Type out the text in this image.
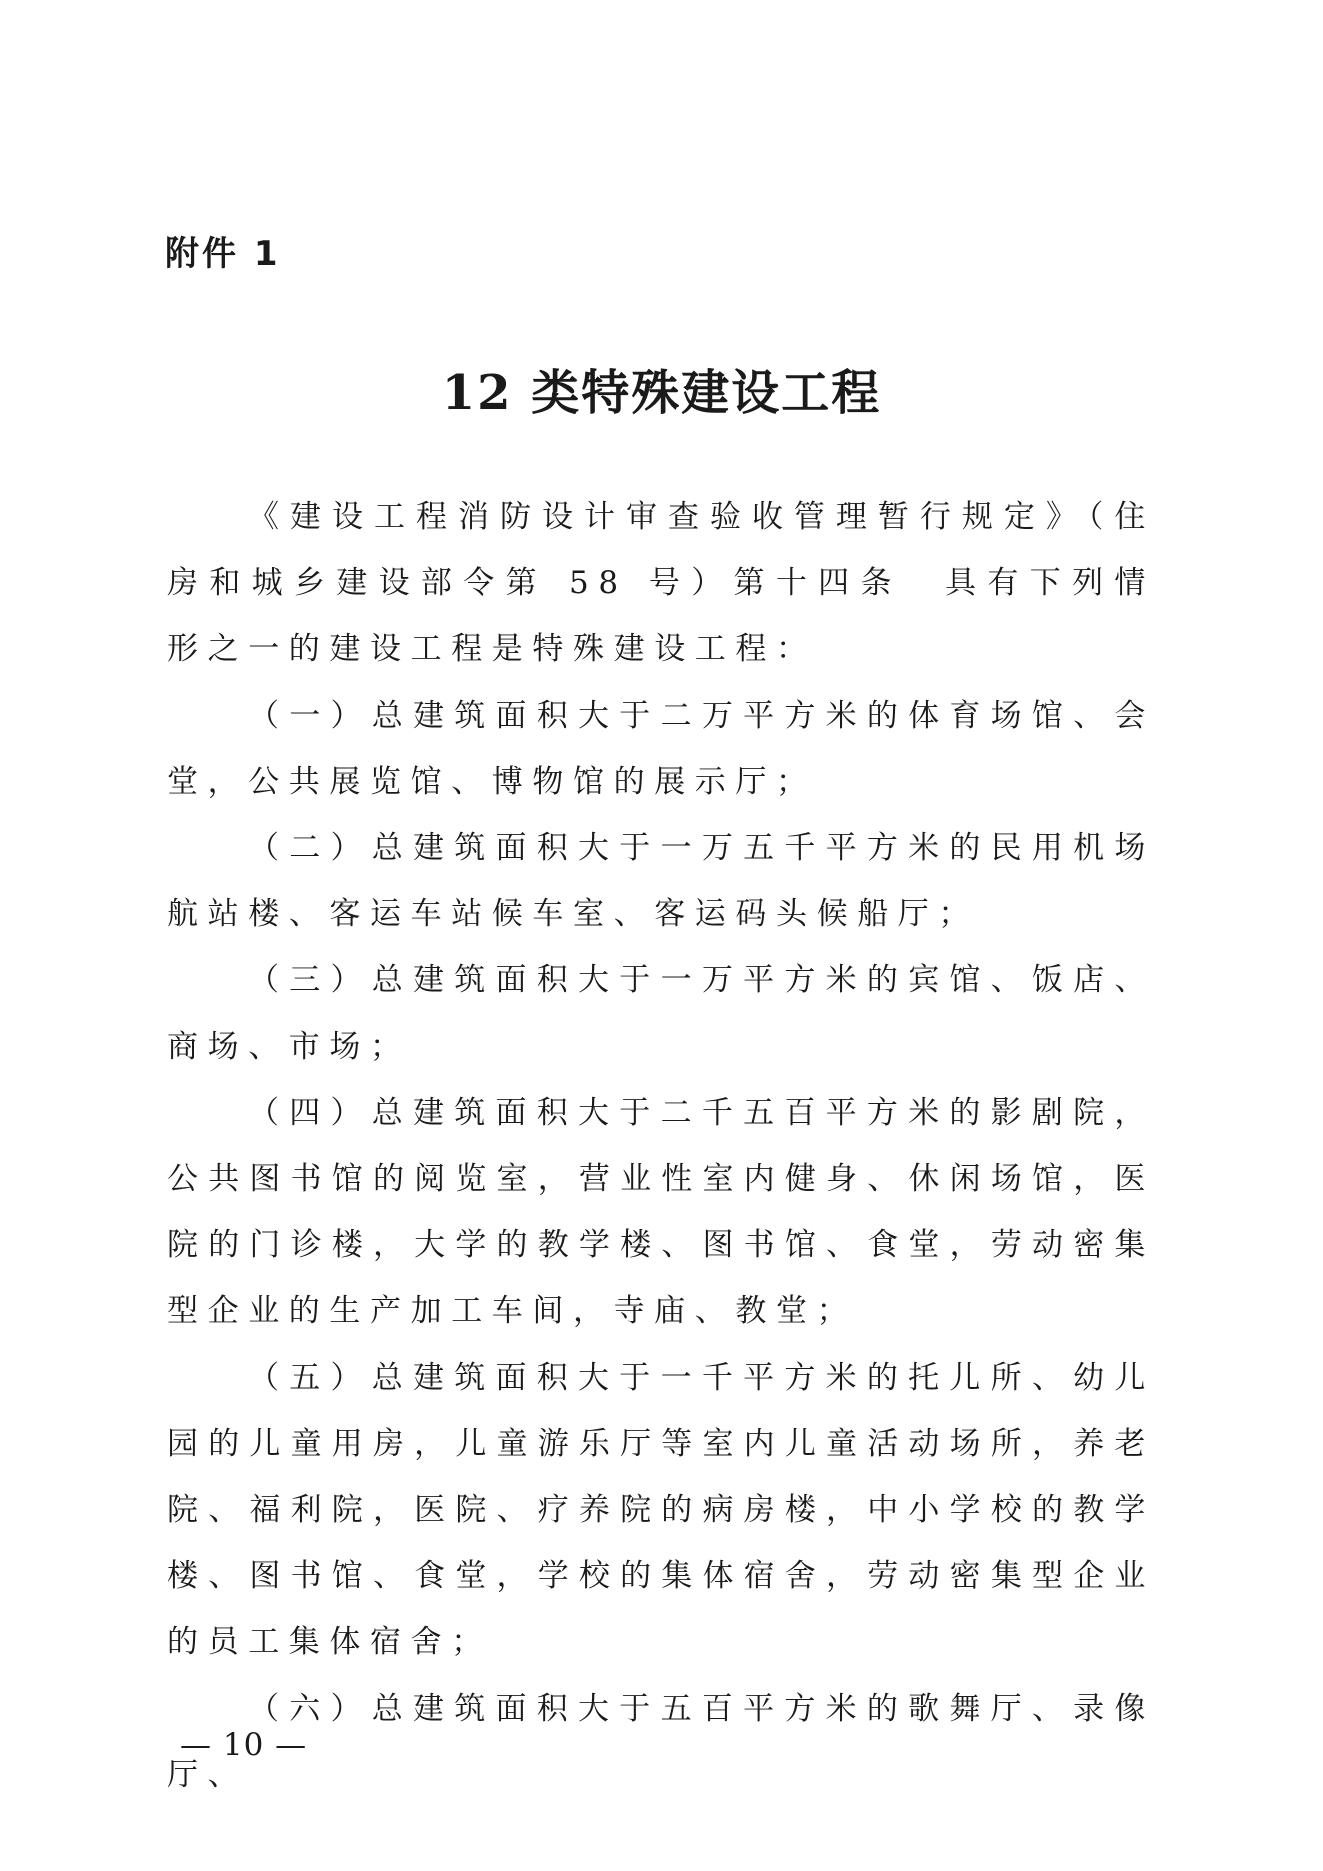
附件 1
12 类特殊建设工程

《建设工程消防设计审查验收管理暂行规定》（住房和城乡建设部令第 58 号）第十四条　具有下列情形之一的建设工程是特殊建设工程：

（一）总建筑面积大于二万平方米的体育场馆、会堂，公共展览馆、博物馆的展示厅；

（二）总建筑面积大于一万五千平方米的民用机场航站楼、客运车站候车室、客运码头候船厅；

（三）总建筑面积大于一万平方米的宾馆、饭店、商场、市场；

（四）总建筑面积大于二千五百平方米的影剧院，公共图书馆的阅览室，营业性室内健身、休闲场馆，医院的门诊楼，大学的教学楼、图书馆、食堂，劳动密集型企业的生产加工车间，寺庙、教堂；

（五）总建筑面积大于一千平方米的托儿所、幼儿园的儿童用房，儿童游乐厅等室内儿童活动场所，养老院、福利院，医院、疗养院的病房楼，中小学校的教学楼、图书馆、食堂，学校的集体宿舍，劳动密集型企业的员工集体宿舍；

（六）总建筑面积大于五百平方米的歌舞厅、录像厅、

— 10 —
